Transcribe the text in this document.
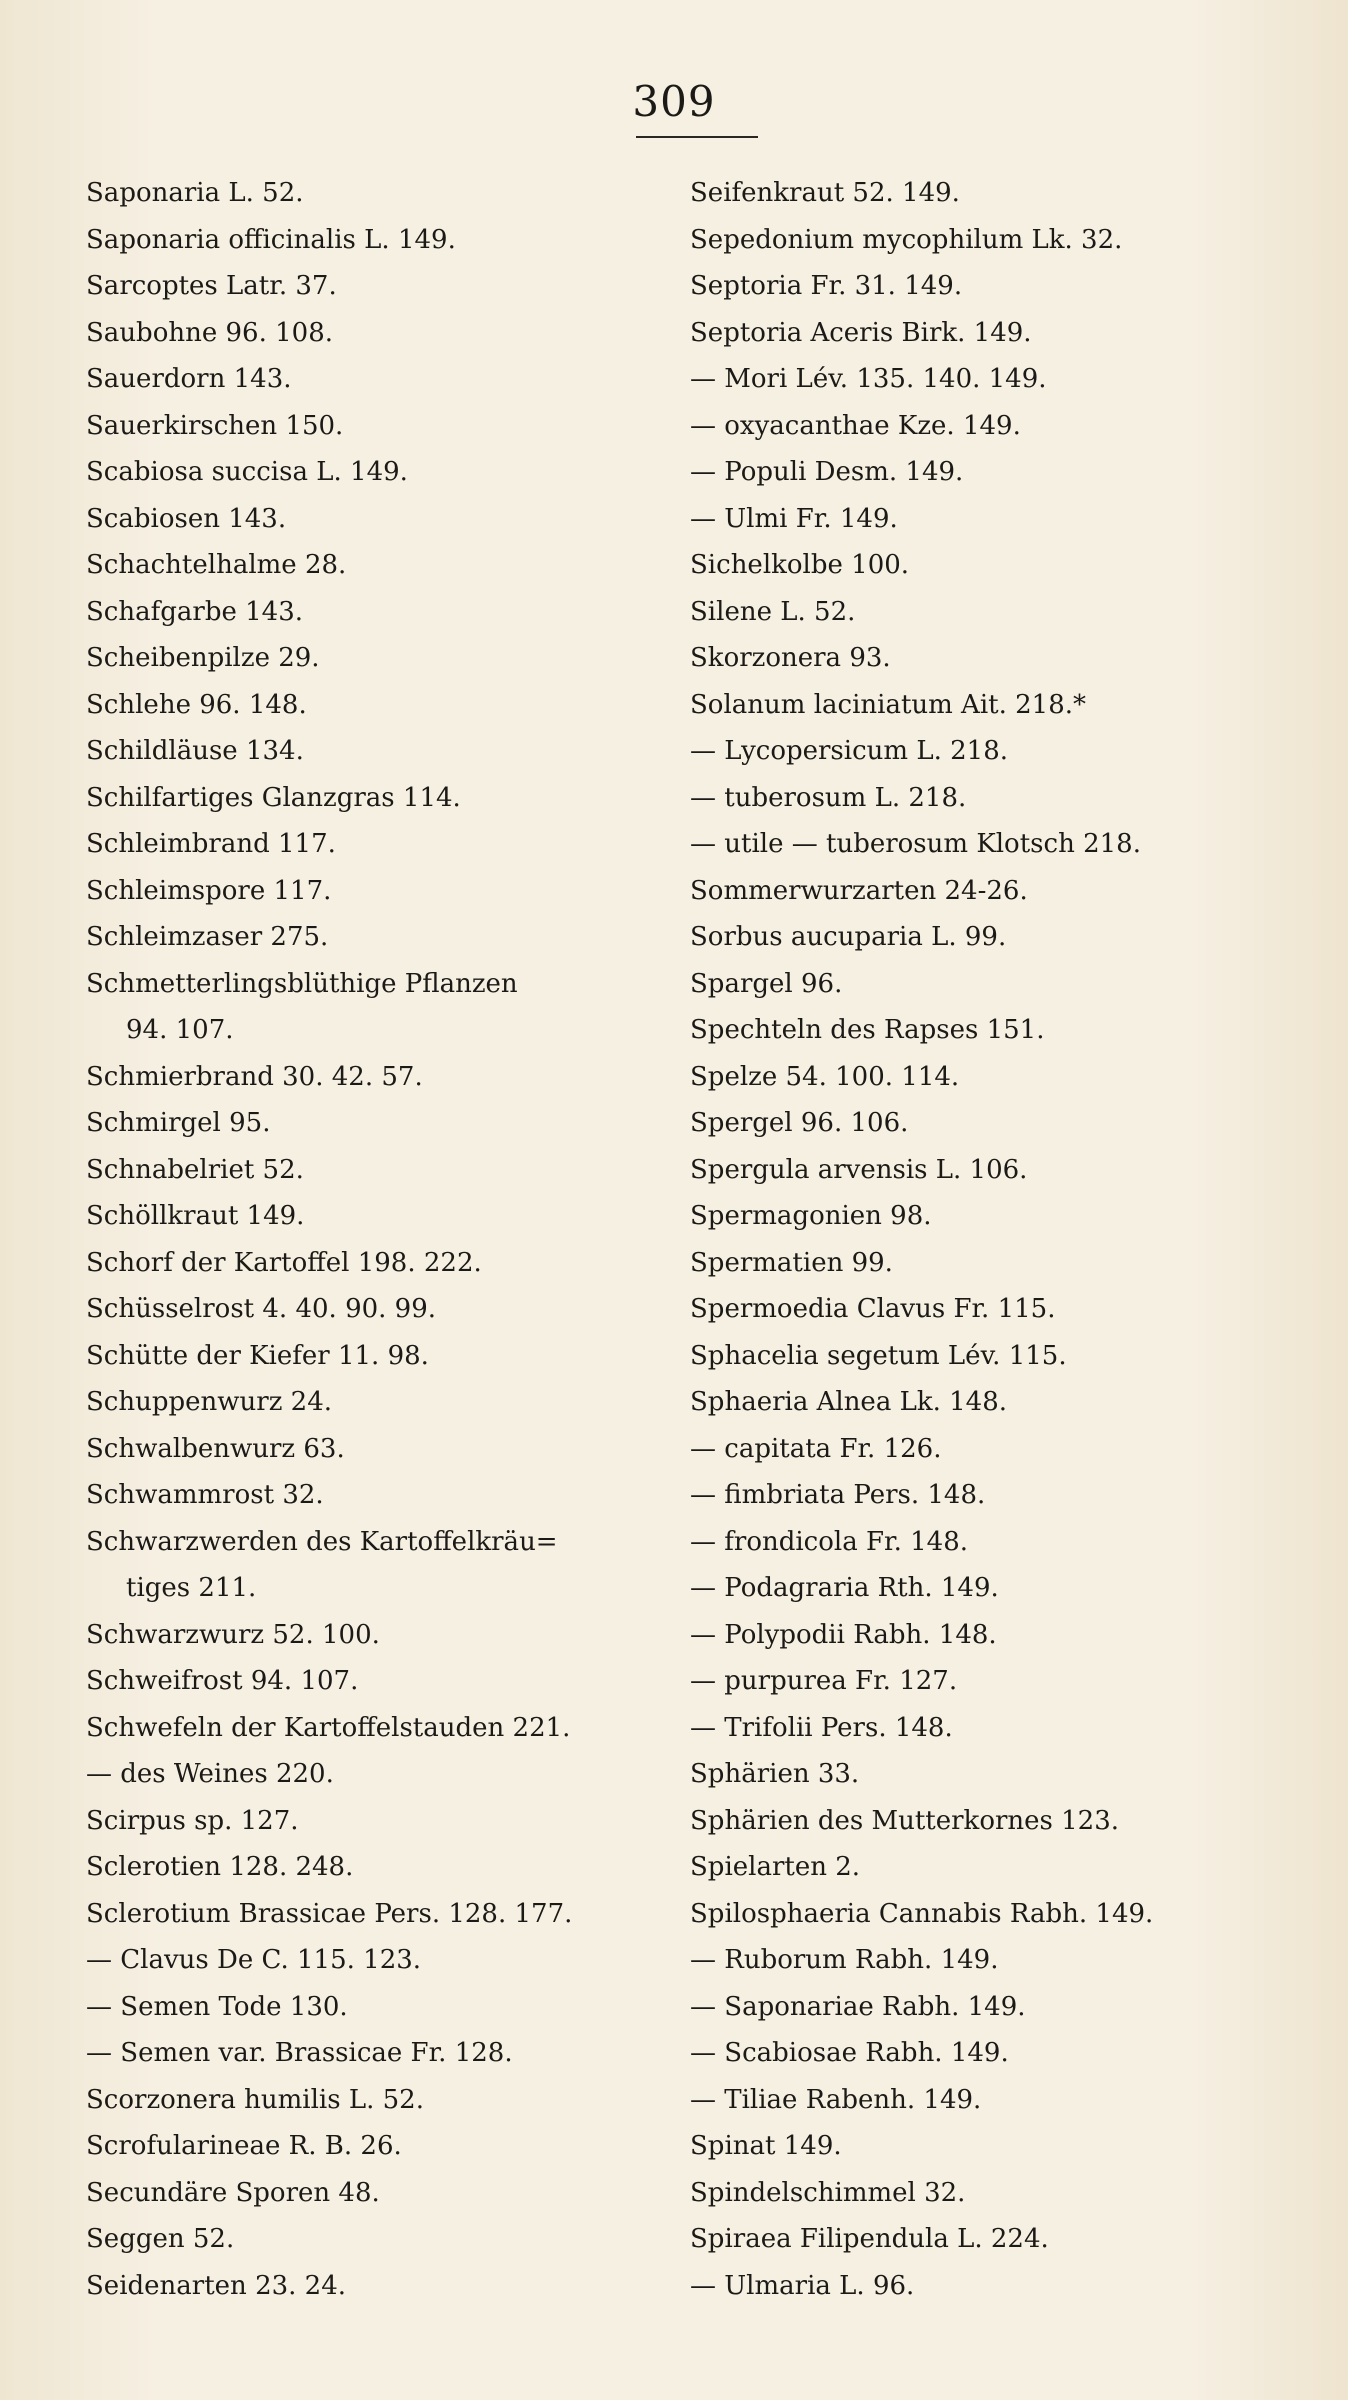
309
Saponaria L. 52.
Saponaria officinalis L. 149.
Sarcoptes Latr. 37.
Saubohne 96. 108.
Sauerdorn 143.
Sauerkirschen 150.
Scabiosa succisa L. 149.
Scabiosen 143.
Schachtelhalme 28.
Schafgarbe 143.
Scheibenpilze 29.
Schlehe 96. 148.
Schildläuse 134.
Schilfartiges Glanzgras 114.
Schleimbrand 117.
Schleimspore 117.
Schleimzaser 275.
Schmetterlingsblüthige Pflanzen
94. 107.
Schmierbrand 30. 42. 57.
Schmirgel 95.
Schnabelriet 52.
Schöllkraut 149.
Schorf der Kartoffel 198. 222.
Schüsselrost 4. 40. 90. 99.
Schütte der Kiefer 11. 98.
Schuppenwurz 24.
Schwalbenwurz 63.
Schwammrost 32.
Schwarzwerden des Kartoffelkräu=
tiges 211.
Schwarzwurz 52. 100.
Schweifrost 94. 107.
Schwefeln der Kartoffelstauden 221.
— des Weines 220.
Scirpus sp. 127.
Sclerotien 128. 248.
Sclerotium Brassicae Pers. 128. 177.
— Clavus De C. 115. 123.
— Semen Tode 130.
— Semen var. Brassicae Fr. 128.
Scorzonera humilis L. 52.
Scrofularineae R. B. 26.
Secundäre Sporen 48.
Seggen 52.
Seidenarten 23. 24.
Seifenkraut 52. 149.
Sepedonium mycophilum Lk. 32.
Septoria Fr. 31. 149.
Septoria Aceris Birk. 149.
— Mori Lév. 135. 140. 149.
— oxyacanthae Kze. 149.
— Populi Desm. 149.
— Ulmi Fr. 149.
Sichelkolbe 100.
Silene L. 52.
Skorzonera 93.
Solanum laciniatum Ait. 218.*
— Lycopersicum L. 218.
— tuberosum L. 218.
— utile — tuberosum Klotsch 218.
Sommerwurzarten 24-26.
Sorbus aucuparia L. 99.
Spargel 96.
Spechteln des Rapses 151.
Spelze 54. 100. 114.
Spergel 96. 106.
Spergula arvensis L. 106.
Spermagonien 98.
Spermatien 99.
Spermoedia Clavus Fr. 115.
Sphacelia segetum Lév. 115.
Sphaeria Alnea Lk. 148.
— capitata Fr. 126.
— fimbriata Pers. 148.
— frondicola Fr. 148.
— Podagraria Rth. 149.
— Polypodii Rabh. 148.
— purpurea Fr. 127.
— Trifolii Pers. 148.
Sphärien 33.
Sphärien des Mutterkornes 123.
Spielarten 2.
Spilosphaeria Cannabis Rabh. 149.
— Ruborum Rabh. 149.
— Saponariae Rabh. 149.
— Scabiosae Rabh. 149.
— Tiliae Rabenh. 149.
Spinat 149.
Spindelschimmel 32.
Spiraea Filipendula L. 224.
— Ulmaria L. 96.
